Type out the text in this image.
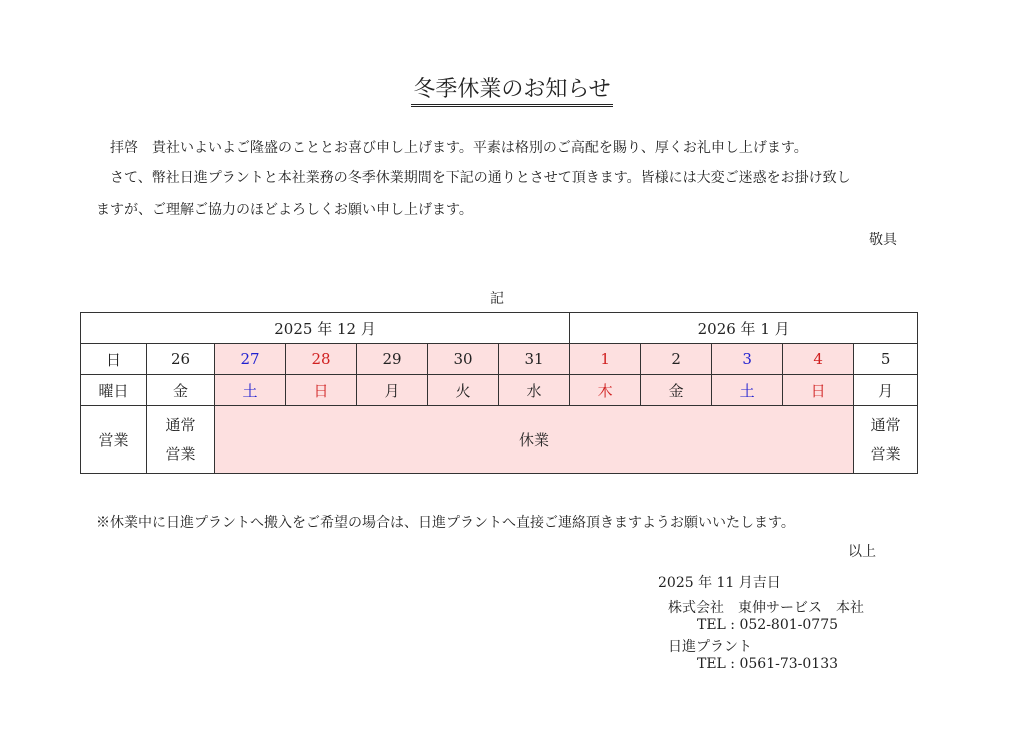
冬季休業のお知らせ
拝啓　貴社いよいよご隆盛のこととお喜び申し上げます。平素は格別のご高配を賜り、厚くお礼申し上げます。
さて、幣社日進プラントと本社業務の冬季休業期間を下記の通りとさせて頂きます。皆様には大変ご迷惑をお掛け致し
ますが、ご理解ご協力のほどよろしくお願い申し上げます。
敬具
記
2025 年 12 月							2026 年 1 月				
日	26	27	28	29	30	31	1	2	3	4	5
曜日	金	土	日	月	火	水	木	金	土	日	月
営業	通常営業	休業									通常営業
※休業中に日進プラントへ搬入をご希望の場合は、日進プラントへ直接ご連絡頂きますようお願いいたします。
以上
2025 年 11 月吉日
株式会社　東伸サービス　本社
TEL : 052-801-0775
日進プラント
TEL : 0561-73-0133
